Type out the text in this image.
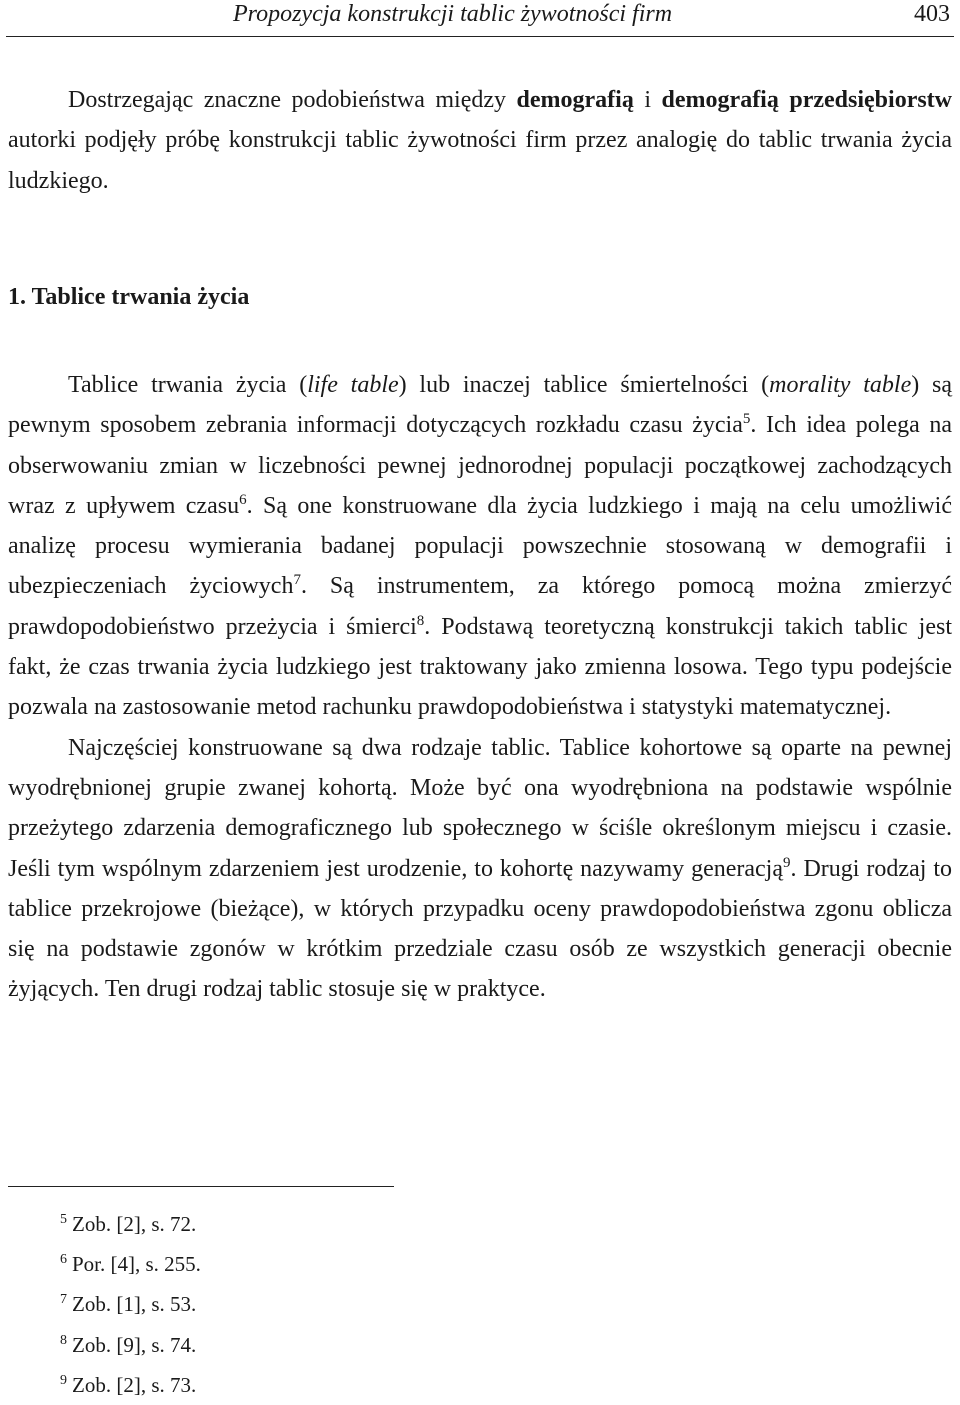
Propozycja konstrukcji tablic żywotności firm	403

Dostrzegając znaczne podobieństwa między demografią i demografią przedsiębiorstw autorki podjęły próbę konstrukcji tablic żywotności firm przez analogię do tablic trwania życia ludzkiego.

1. Tablice trwania życia

Tablice trwania życia (life table) lub inaczej tablice śmiertelności (morality table) są pewnym sposobem zebrania informacji dotyczących rozkładu czasu życia$^5$. Ich idea polega na obserwowaniu zmian w liczebności pewnej jednorodnej populacji początkowej zachodzących wraz z upływem czasu$^6$. Są one konstruowane dla życia ludzkiego i mają na celu umożliwić analizę procesu wymierania badanej populacji powszechnie stosowaną w demografii i ubezpieczeniach życiowych$^7$. Są instrumentem, za którego pomocą można zmierzyć prawdopodobieństwo przeżycia i śmierci$^8$. Podstawą teoretyczną konstrukcji takich tablic jest fakt, że czas trwania życia ludzkiego jest traktowany jako zmienna losowa. Tego typu podejście pozwala na zastosowanie metod rachunku prawdopodobieństwa i statystyki matematycznej.

Najczęściej konstruowane są dwa rodzaje tablic. Tablice kohortowe są oparte na pewnej wyodrębnionej grupie zwanej kohortą. Może być ona wyodrębniona na podstawie wspólnie przeżytego zdarzenia demograficznego lub społecznego w ściśle określonym miejscu i czasie. Jeśli tym wspólnym zdarzeniem jest urodzenie, to kohortę nazywamy generacją$^9$. Drugi rodzaj to tablice przekrojowe (bieżące), w których przypadku oceny prawdopodobieństwa zgonu oblicza się na podstawie zgonów w krótkim przedziale czasu osób ze wszystkich generacji obecnie żyjących. Ten drugi rodzaj tablic stosuje się w praktyce.

$^5$ Zob. [2], s. 72.
$^6$ Por. [4], s. 255.
$^7$ Zob. [1], s. 53.
$^8$ Zob. [9], s. 74.
$^9$ Zob. [2], s. 73.
